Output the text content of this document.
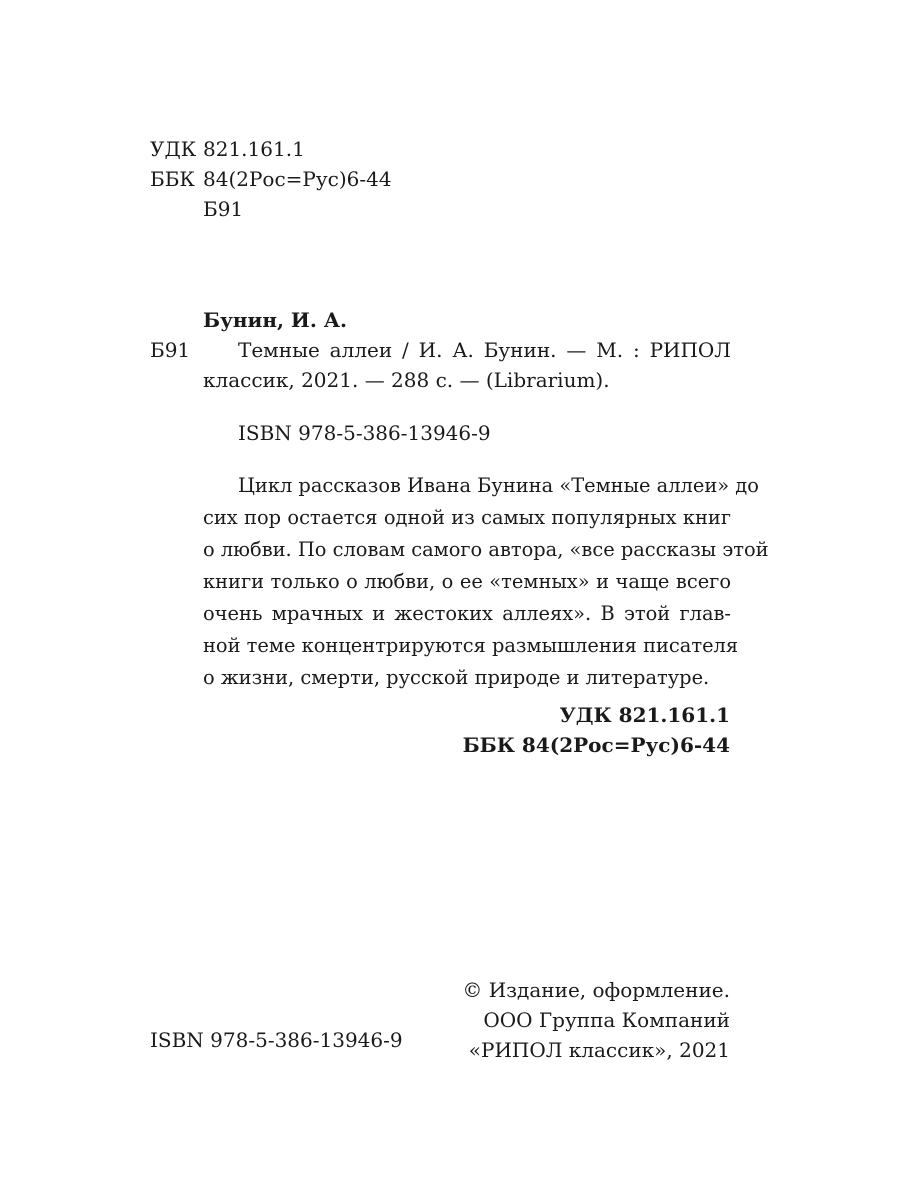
УДК 821.161.1
ББК 84(2Рос=Рус)6-44
Б91
Бунин, И. А.
Б91	Темные аллеи / И. А. Бунин. — М. : РИПОЛ
классик, 2021. — 288 с. — (Librarium).
ISBN 978-5-386-13946-9
Цикл рассказов Ивана Бунина «Темные аллеи» до
сих пор остается одной из самых популярных книг
о любви. По словам самого автора, «все рассказы этой
книги только о любви, о ее «темных» и чаще всего
очень мрачных и жестоких аллеях». В этой глав-
ной теме концентрируются размышления писателя
о жизни, смерти, русской природе и литературе.
УДК 821.161.1
ББК 84(2Рос=Рус)6-44
© Издание, оформление.
ООО Группа Компаний
«РИПОЛ классик», 2021
ISBN 978-5-386-13946-9
